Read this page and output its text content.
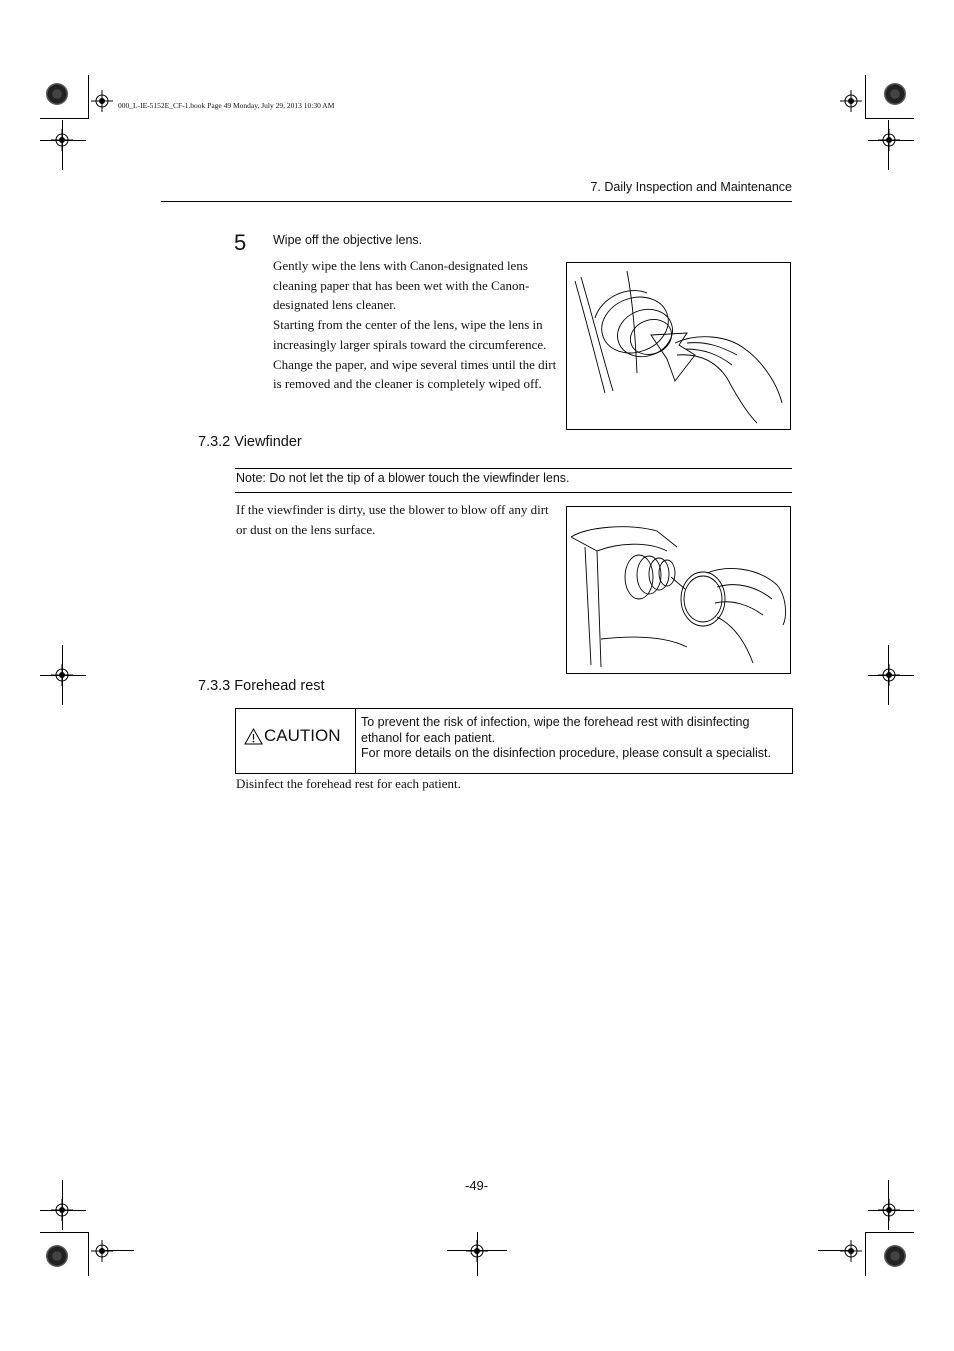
000_L-IE-5152E_CF-1.book Page 49 Monday, July 29, 2013 10:30 AM
7. Daily Inspection and Maintenance
5 Wipe off the objective lens.

Gently wipe the lens with Canon-designated lens cleaning paper that has been wet with the Canon-designated lens cleaner.

Starting from the center of the lens, wipe the lens in increasingly larger spirals toward the circumference. Change the paper, and wipe several times until the dirt is removed and the cleaner is completely wiped off.

7.3.2 Viewfinder
Note: Do not let the tip of a blower touch the viewfinder lens.
If the viewfinder is dirty, use the blower to blow off any dirt or dust on the lens surface.
7.3.3 Forehead rest
CAUTION

To prevent the risk of infection, wipe the forehead rest with disinfecting ethanol for each patient.

For more details on the disinfection procedure, please consult a specialist.

Disinfect the forehead rest for each patient.
-49-
